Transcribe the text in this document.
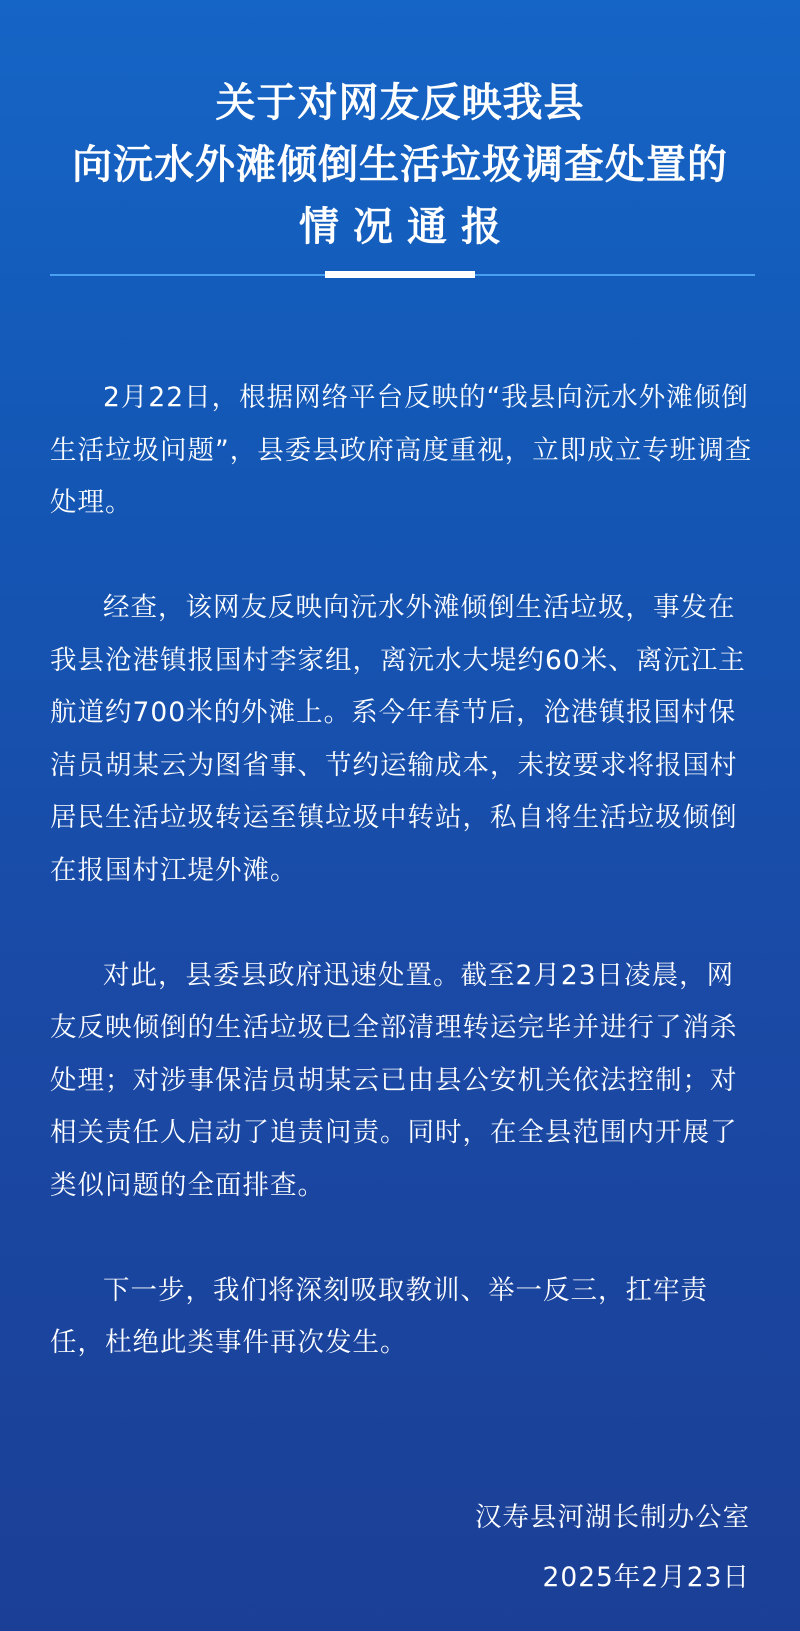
关于对网友反映我县
向沅水外滩倾倒生活垃圾调查处置的
情况通报

2月22日，根据网络平台反映的“我县向沅水外滩倾倒生活垃圾问题”，县委县政府高度重视，立即成立专班调查处理。

经查，该网友反映向沅水外滩倾倒生活垃圾，事发在我县沧港镇报国村李家组，离沅水大堤约60米、离沅江主航道约700米的外滩上。系今年春节后，沧港镇报国村保洁员胡某云为图省事、节约运输成本，未按要求将报国村居民生活垃圾转运至镇垃圾中转站，私自将生活垃圾倾倒在报国村江堤外滩。

对此，县委县政府迅速处置。截至2月23日凌晨，网友反映倾倒的生活垃圾已全部清理转运完毕并进行了消杀处理；对涉事保洁员胡某云已由县公安机关依法控制；对相关责任人启动了追责问责。同时，在全县范围内开展了类似问题的全面排查。

下一步，我们将深刻吸取教训、举一反三，扛牢责任，杜绝此类事件再次发生。

汉寿县河湖长制办公室
2025年2月23日
